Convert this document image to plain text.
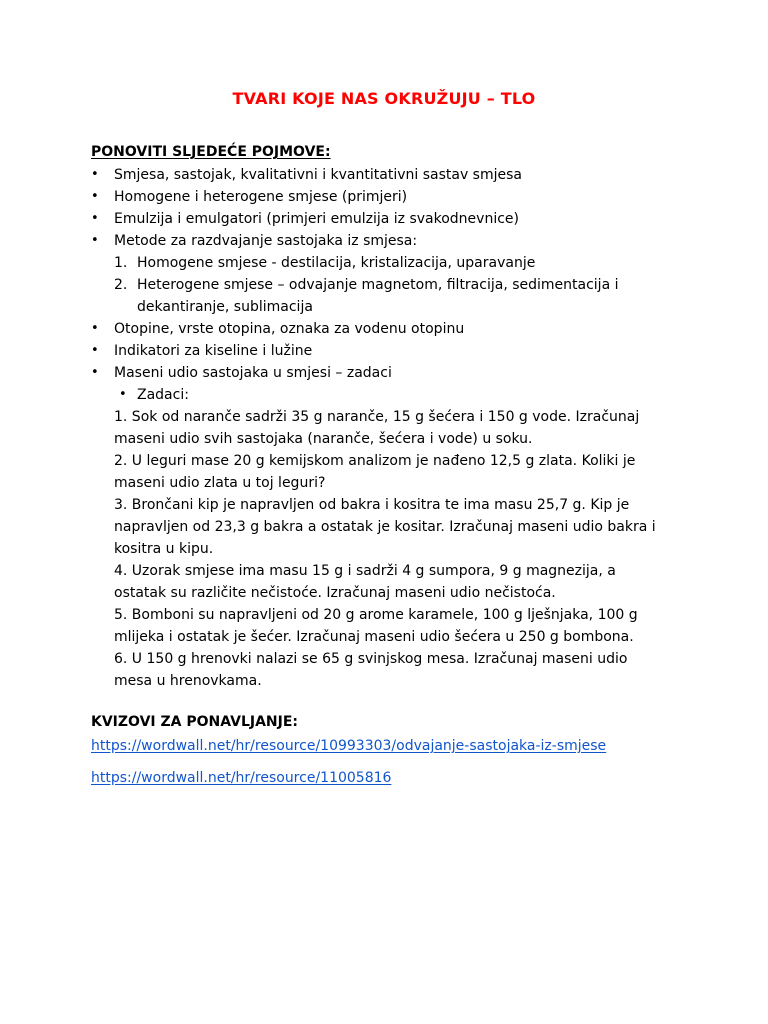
TVARI KOJE NAS OKRUŽUJU – TLO
PONOVITI SLJEDEĆE POJMOVE:
• Smjesa, sastojak, kvalitativni i kvantitativni sastav smjesa
• Homogene i heterogene smjese (primjeri)
• Emulzija i emulgatori (primjeri emulzija iz svakodnevnice)
• Metode za razdvajanje sastojaka iz smjesa:
1. Homogene smjese - destilacija, kristalizacija, uparavanje
2. Heterogene smjese – odvajanje magnetom, filtracija, sedimentacija i
dekantiranje, sublimacija
• Otopine, vrste otopina, oznaka za vodenu otopinu
• Indikatori za kiseline i lužine
• Maseni udio sastojaka u smjesi – zadaci
• Zadaci:
1. Sok od naranče sadrži 35 g naranče, 15 g šećera i 150 g vode. Izračunaj
maseni udio svih sastojaka (naranče, šećera i vode) u soku.
2. U leguri mase 20 g kemijskom analizom je nađeno 12,5 g zlata. Koliki je
maseni udio zlata u toj leguri?
3. Brončani kip je napravljen od bakra i kositra te ima masu 25,7 g. Kip je
napravljen od 23,3 g bakra a ostatak je kositar. Izračunaj maseni udio bakra i
kositra u kipu.
4. Uzorak smjese ima masu 15 g i sadrži 4 g sumpora, 9 g magnezija, a
ostatak su različite nečistoće. Izračunaj maseni udio nečistoća.
5. Bomboni su napravljeni od 20 g arome karamele, 100 g lješnjaka, 100 g
mlijeka i ostatak je šećer. Izračunaj maseni udio šećera u 250 g bombona.
6. U 150 g hrenovki nalazi se 65 g svinjskog mesa. Izračunaj maseni udio
mesa u hrenovkama.
KVIZOVI ZA PONAVLJANJE:
https://wordwall.net/hr/resource/10993303/odvajanje-sastojaka-iz-smjese
https://wordwall.net/hr/resource/11005816
